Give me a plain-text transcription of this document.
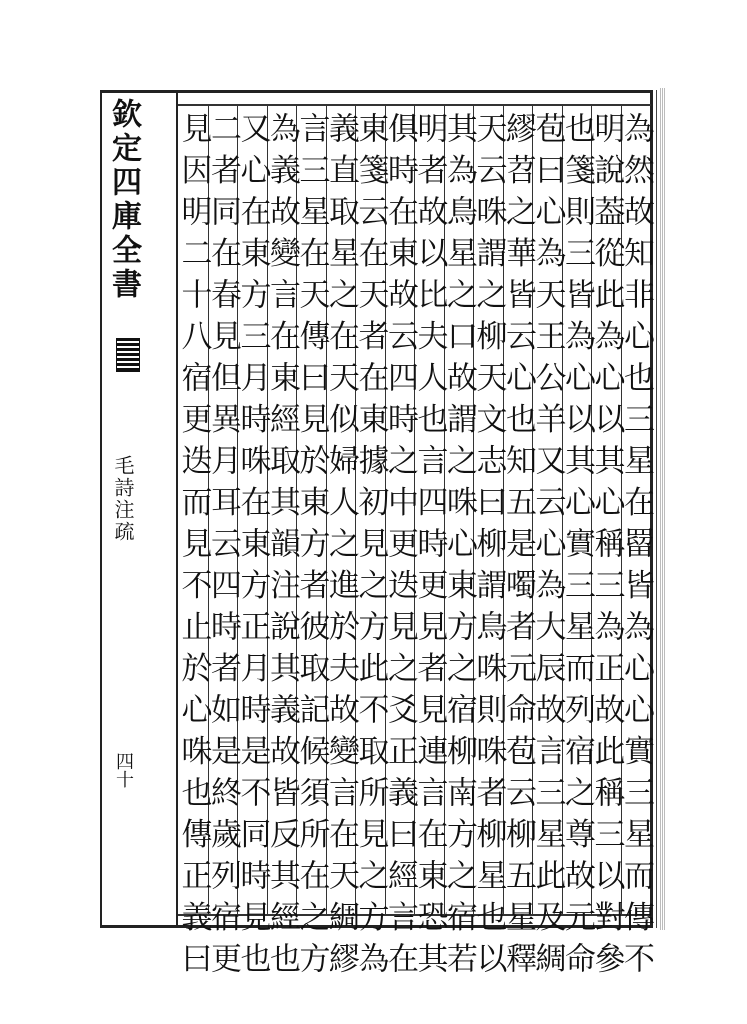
欽定四庫全書
毛詩注疏
四十	為然故知非心也三星在罶皆為心心實三星而傳不
明說葢從此為心以其心稱三為正故此稱三以對參
也箋則三皆為心以其心實三星而列宿之尊故元命
苞曰心為天王公羊又云心為大辰故言三星此及綢
繆苕之華皆云心也知五是噣者元命苞云柳五星釋
天云咮謂之柳天文志曰柳謂鳥咮則咮者柳星也以
其為鳥星之口故謂之咮心東方之宿柳南方之宿若
明者故以比夫人也言四時更見者見連言在東恐其
俱時在東故云四時之中更迭見之爻正義曰經言在
東箋云在天者在東據初見之方此不取所見之方為
義直取星之在天似婦人之進於夫故變言在天綢繆
言三星在天傳曰見於東方者彼取記候須所在之方
為義故變言在東經取其韻注說其義故皆反其經也
又心在東方三月時咮在東方正月時是不同時見也
二者同在春見但異月耳云四時者如是終歲列宿更
見因明二十八宿更迭而見不止於心咮也傳正義曰
